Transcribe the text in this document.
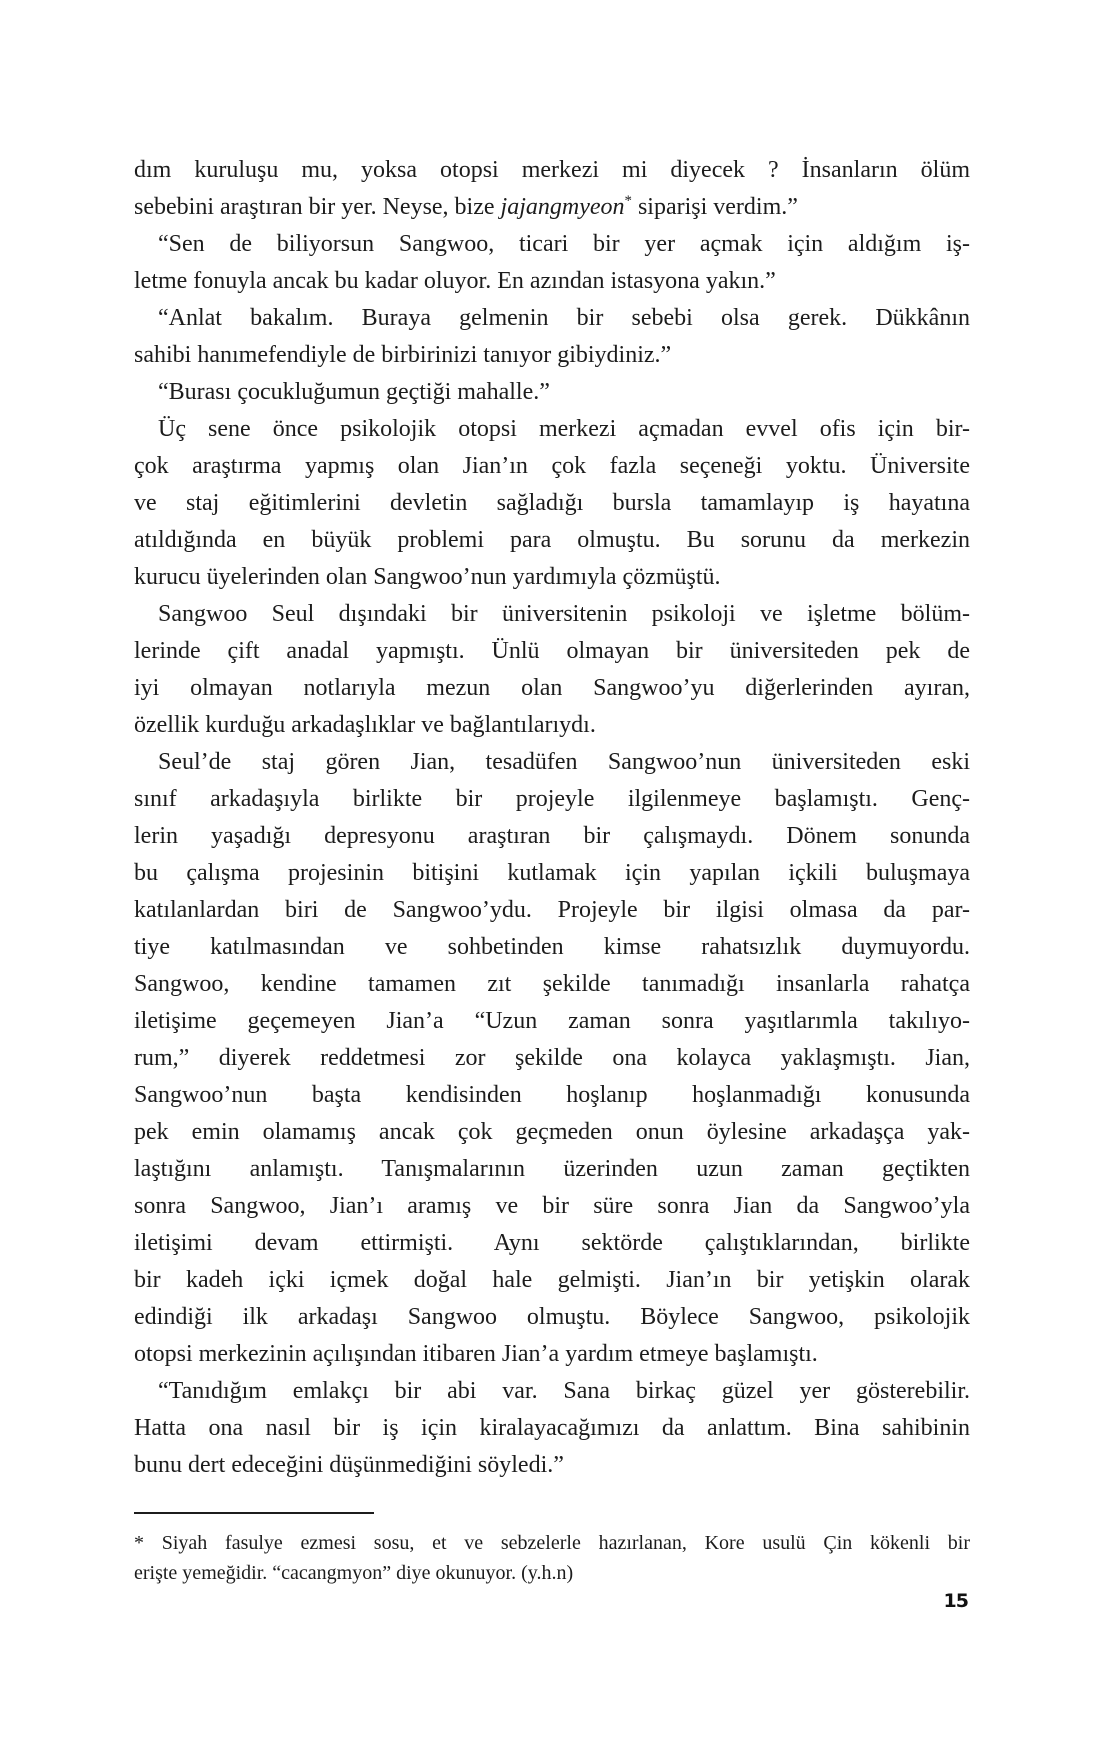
dım kuruluşu mu, yoksa otopsi merkezi mi diyecek ? İnsanların ölüm
sebebini araştıran bir yer. Neyse, bize jajangmyeon* siparişi verdim.”
“Sen de biliyorsun Sangwoo, ticari bir yer açmak için aldığım iş-
letme fonuyla ancak bu kadar oluyor. En azından istasyona yakın.”
“Anlat bakalım. Buraya gelmenin bir sebebi olsa gerek. Dükkânın
sahibi hanımefendiyle de birbirinizi tanıyor gibiydiniz.”
“Burası çocukluğumun geçtiği mahalle.”
Üç sene önce psikolojik otopsi merkezi açmadan evvel ofis için bir-
çok araştırma yapmış olan Jian’ın çok fazla seçeneği yoktu. Üniversite
ve staj eğitimlerini devletin sağladığı bursla tamamlayıp iş hayatına
atıldığında en büyük problemi para olmuştu. Bu sorunu da merkezin
kurucu üyelerinden olan Sangwoo’nun yardımıyla çözmüştü.
Sangwoo Seul dışındaki bir üniversitenin psikoloji ve işletme bölüm-
lerinde çift anadal yapmıştı. Ünlü olmayan bir üniversiteden pek de
iyi olmayan notlarıyla mezun olan Sangwoo’yu diğerlerinden ayıran,
özellik kurduğu arkadaşlıklar ve bağlantılarıydı.
Seul’de staj gören Jian, tesadüfen Sangwoo’nun üniversiteden eski
sınıf arkadaşıyla birlikte bir projeyle ilgilenmeye başlamıştı. Genç-
lerin yaşadığı depresyonu araştıran bir çalışmaydı. Dönem sonunda
bu çalışma projesinin bitişini kutlamak için yapılan içkili buluşmaya
katılanlardan biri de Sangwoo’ydu. Projeyle bir ilgisi olmasa da par-
tiye katılmasından ve sohbetinden kimse rahatsızlık duymuyordu.
Sangwoo, kendine tamamen zıt şekilde tanımadığı insanlarla rahatça
iletişime geçemeyen Jian’a “Uzun zaman sonra yaşıtlarımla takılıyo-
rum,” diyerek reddetmesi zor şekilde ona kolayca yaklaşmıştı. Jian,
Sangwoo’nun başta kendisinden hoşlanıp hoşlanmadığı konusunda
pek emin olamamış ancak çok geçmeden onun öylesine arkadaşça yak-
laştığını anlamıştı. Tanışmalarının üzerinden uzun zaman geçtikten
sonra Sangwoo, Jian’ı aramış ve bir süre sonra Jian da Sangwoo’yla
iletişimi devam ettirmişti. Aynı sektörde çalıştıklarından, birlikte
bir kadeh içki içmek doğal hale gelmişti. Jian’ın bir yetişkin olarak
edindiği ilk arkadaşı Sangwoo olmuştu. Böylece Sangwoo, psikolojik
otopsi merkezinin açılışından itibaren Jian’a yardım etmeye başlamıştı.
“Tanıdığım emlakçı bir abi var. Sana birkaç güzel yer gösterebilir.
Hatta ona nasıl bir iş için kiralayacağımızı da anlattım. Bina sahibinin
bunu dert edeceğini düşünmediğini söyledi.”
* Siyah fasulye ezmesi sosu, et ve sebzelerle hazırlanan, Kore usulü Çin kökenli bir
erişte yemeğidir. “cacangmyon” diye okunuyor. (y.h.n)
15
